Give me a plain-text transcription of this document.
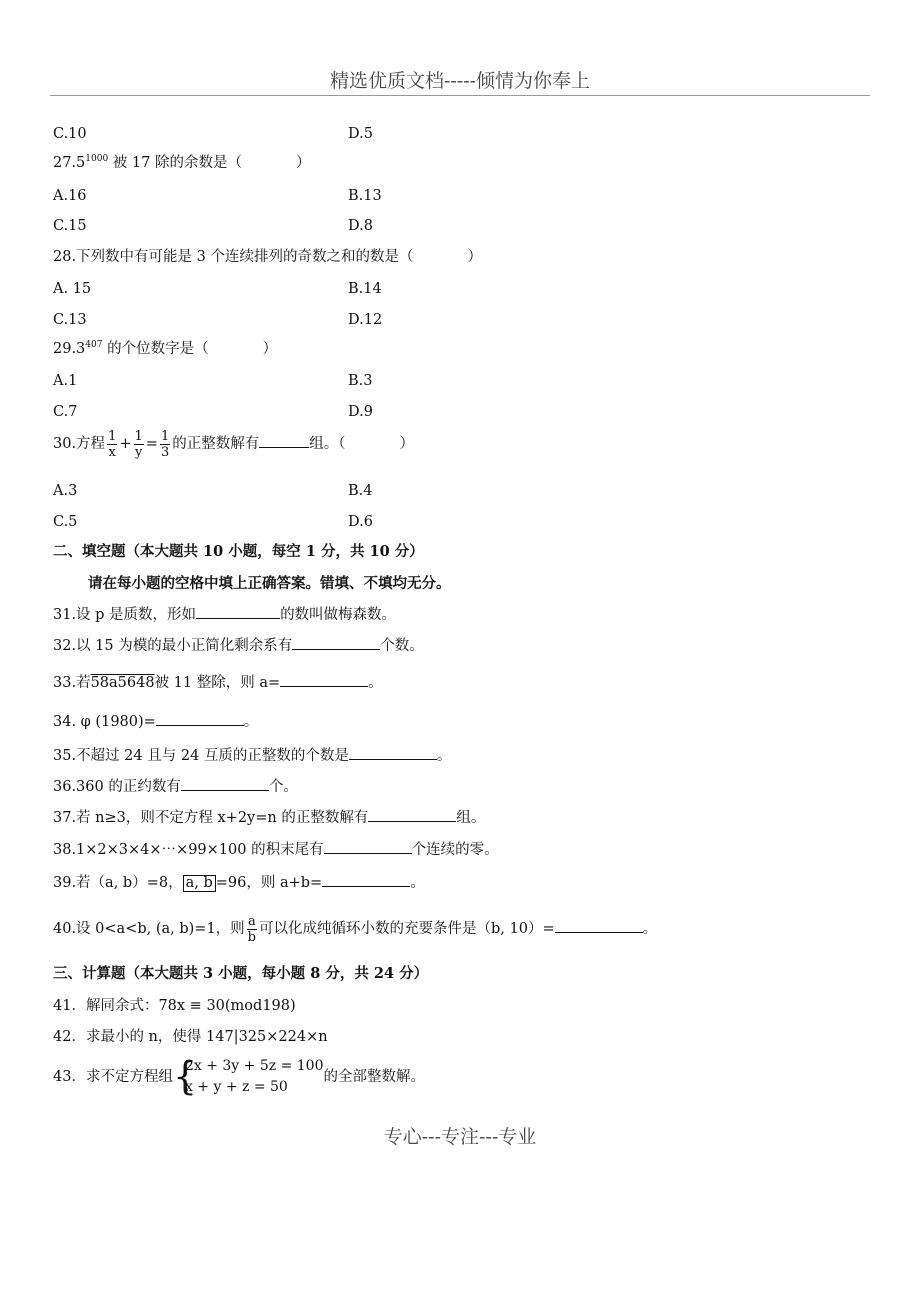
精选优质文档-----倾情为你奉上
C.10	D.5
$27.5^{1000}$ 被 17 除的余数是（	）
A.16	B.13
C.15	D.8
28.下列数中有可能是 3 个连续排列的奇数之和的数是（	）
A. 15	B.14
C.13	D.12
29.3$^{407}$ 的个位数字是（	）
A.1	B.3
C.7	D.9
30.方程 $\frac{1}{x} + \frac{1}{y} = \frac{1}{3}$ 的正整数解有	组。（	）
A.3	B.4
C.5	D.6
二、填空题（本大题共 10 小题，每空 1 分，共 10 分）
请在每小题的空格中填上正确答案。错填、不填均无分。
31.设 p 是质数，形如	的数叫做梅森数。
32.以 15 为模的最小正简化剩余系有	个数。
33.若58a5648被 11 整除，则 a=	。
34. φ (1980)=	。
35.不超过 24 且与 24 互质的正整数的个数是	。
36.360 的正约数有	个。
37.若 n≥3，则不定方程 x+2y=n 的正整数解有	组。
38.1×2×3×4×⋯×99×100 的积末尾有	个连续的零。
39.若（a, b）=8， a, b =96，则 a+b=	。
40.设 0<a<b, (a, b)=1，则 $\frac{a}{b}$ 可以化成纯循环小数的充要条件是（b, 10）=	。
三、计算题（本大题共 3 小题，每小题 8 分，共 24 分）
41．解同余式：78x ≡ 30(mod198)
42．求最小的 n，使得 147|325×224×n
43．求不定方程组 {
2x + 3y + 5z = 100
x + y + z = 50
的全部整数解。
专心---专注---专业
